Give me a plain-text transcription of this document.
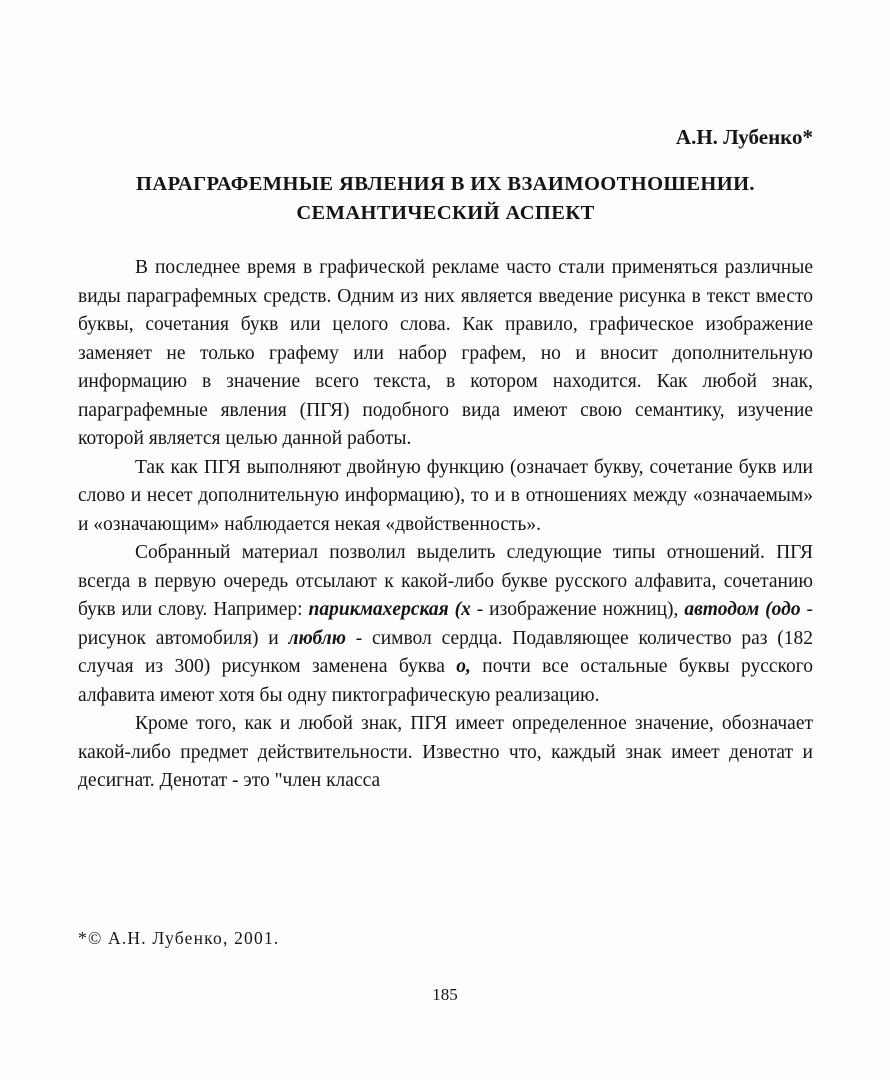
А.Н. Лубенко*
ПАРАГРАФЕМНЫЕ ЯВЛЕНИЯ В ИХ ВЗАИМООТНОШЕНИИ.
СЕМАНТИЧЕСКИЙ АСПЕКТ

В последнее время в графической рекламе часто стали применяться различные виды параграфемных средств. Одним из них является введение рисунка в текст вместо буквы, сочетания букв или целого слова. Как правило, графическое изображение заменяет не только графему или набор графем, но и вносит дополнительную информацию в значение всего текста, в котором находится. Как любой знак, параграфемные явления (ПГЯ) подобного вида имеют свою семантику, изучение которой является целью данной работы.

Так как ПГЯ выполняют двойную функцию (означает букву, сочетание букв или слово и несет дополнительную информацию), то и в отношениях между «означаемым» и «означающим» наблюдается некая «двойственность».

Собранный материал позволил выделить следующие типы отношений. ПГЯ всегда в первую очередь отсылают к какой-либо букве русского алфавита, сочетанию букв или слову. Например: парикмахерская (х - изображение ножниц), автодом (одо - рисунок автомобиля) и люблю - символ сердца. Подавляющее количество раз (182 случая из 300) рисунком заменена буква о, почти все остальные буквы русского алфавита имеют хотя бы одну пиктографическую реализацию.

Кроме того, как и любой знак, ПГЯ имеет определенное значение, обозначает какой-либо предмет действительности. Известно что, каждый знак имеет денотат и десигнат. Денотат - это "член класса

*© А.Н. Лубенко, 2001.
185
